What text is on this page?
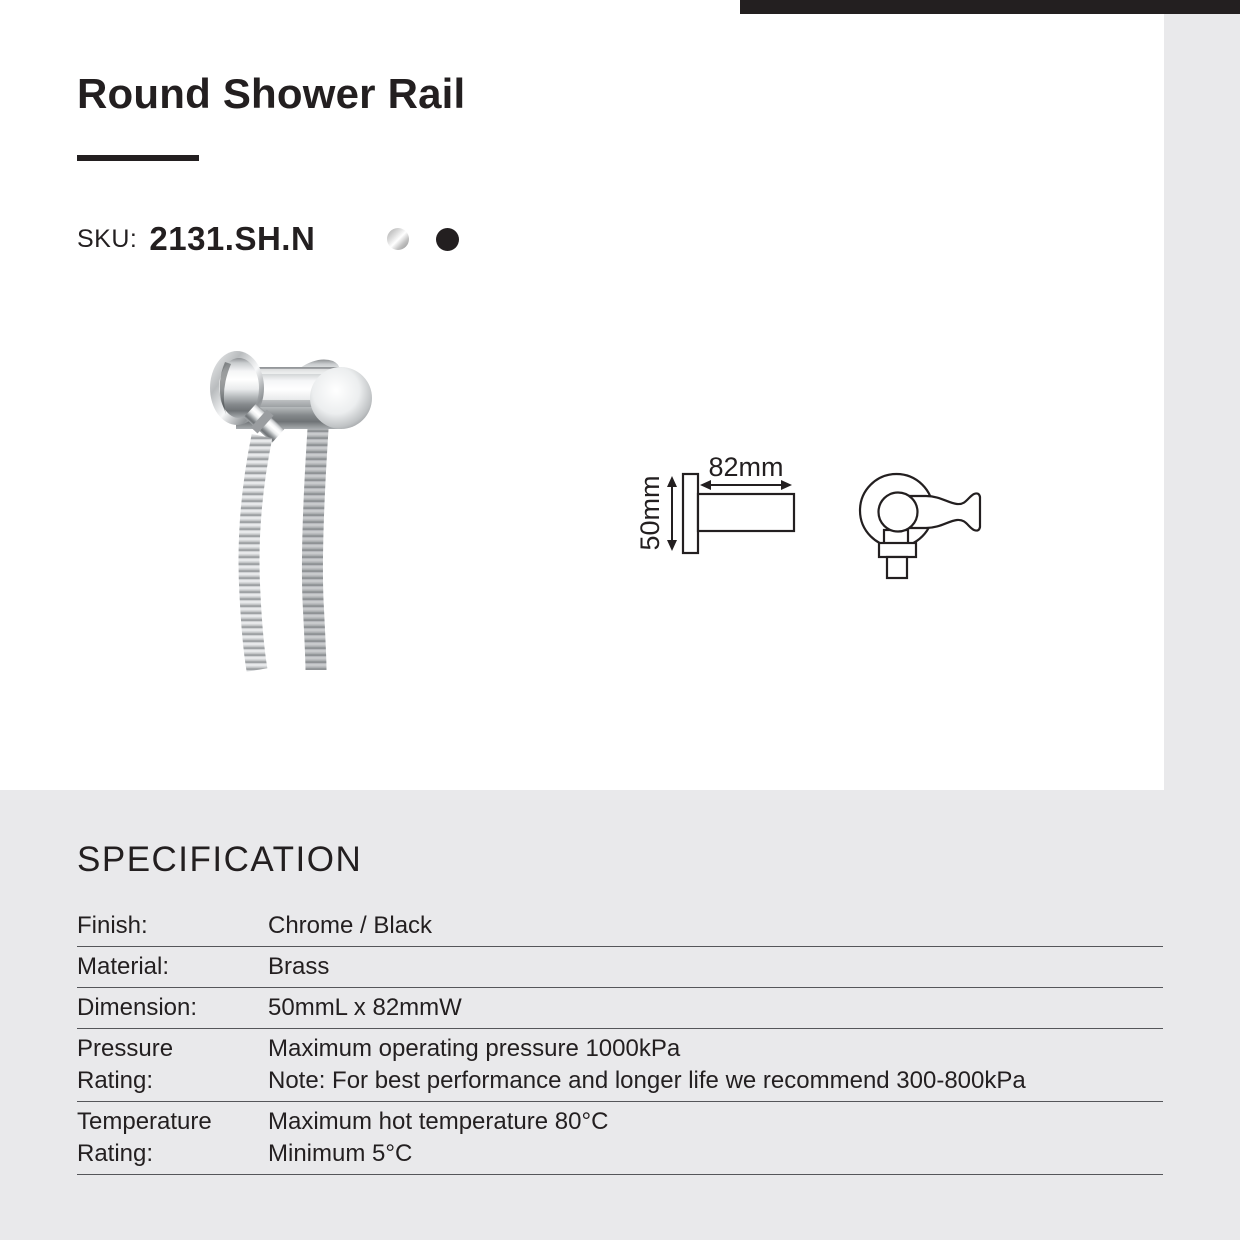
Round Shower Rail
SKU: 2131.SH.N
82mm
50mm
SPECIFICATION
Finish:	Chrome / Black
Material:	Brass
Dimension:	50mmL x 82mmW
Pressure Rating:
Maximum operating pressure 1000kPa
Note: For best performance and longer life we recommend 300-800kPa
Temperature Rating:
Maximum hot temperature 80°C
Minimum 5°C
